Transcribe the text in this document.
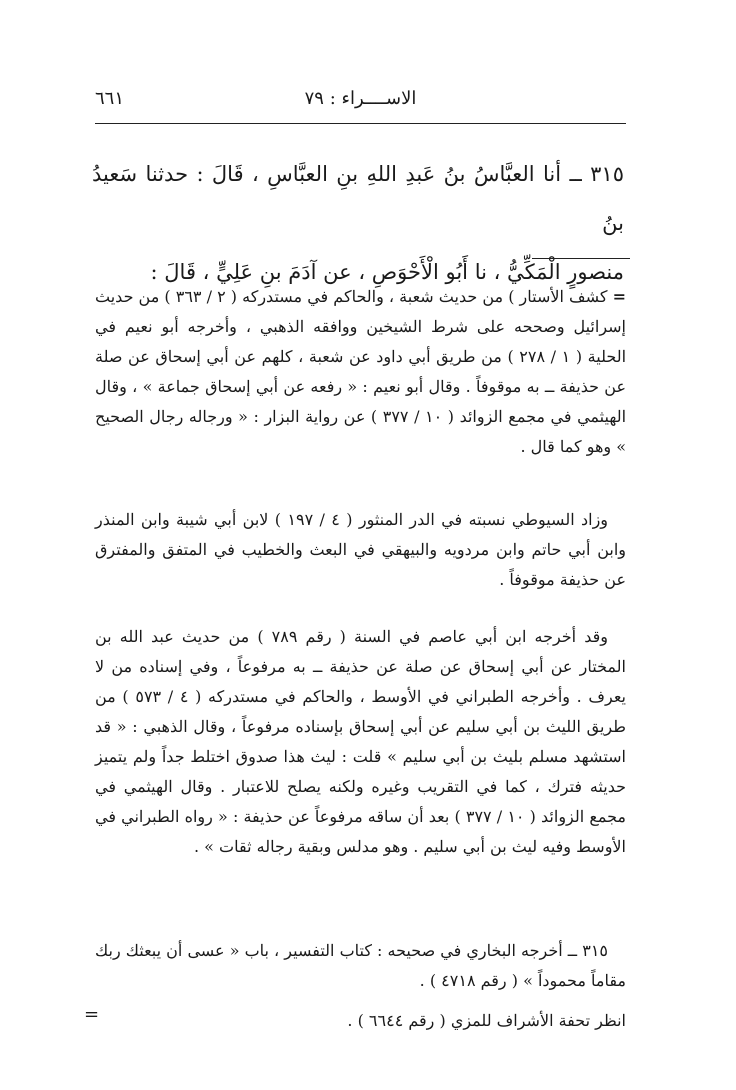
الاســــراء : ٧٩
٦٦١
٣١٥ ــ أنا العبَّاسُ بنُ عَبدِ اللهِ بنِ العبَّاسِ ، قَالَ : حدثنا سَعيدُ بنُ
منصورٍ الْمَكِّيُّ ، نا أَبُو الْأَحْوَصِ ، عن آدَمَ بنِ عَلِيٍّ ، قَالَ :

= كشف الأستار ) من حديث شعبة ، والحاكم في مستدركه ( ٢ / ٣٦٣ ) من حديث إسرائيل وصححه على شرط الشيخين ووافقه الذهبي ، وأخرجه أبو نعيم في الحلية ( ١ / ٢٧٨ ) من طريق أبي داود عن شعبة ، كلهم عن أبي إسحاق عن صلة عن حذيفة ــ به موقوفاً . وقال أبو نعيم : « رفعه عن أبي إسحاق جماعة » ، وقال الهيثمي في مجمع الزوائد ( ١٠ / ٣٧٧ ) عن رواية البزار : « ورجاله رجال الصحيح » وهو كما قال .

وزاد السيوطي نسبته في الدر المنثور ( ٤ / ١٩٧ ) لابن أبي شيبة وابن المنذر وابن أبي حاتم وابن مردويه والبيهقي في البعث والخطيب في المتفق والمفترق عن حذيفة موقوفاً .

وقد أخرجه ابن أبي عاصم في السنة ( رقم ٧٨٩ ) من حديث عبد الله بن المختار عن أبي إسحاق عن صلة عن حذيفة ــ به مرفوعاً ، وفي إسناده من لا يعرف . وأخرجه الطبراني في الأوسط ، والحاكم في مستدركه ( ٤ / ٥٧٣ ) من طريق الليث بن أبي سليم عن أبي إسحاق بإسناده مرفوعاً ، وقال الذهبي : « قد استشهد مسلم بليث بن أبي سليم » قلت : ليث هذا صدوق اختلط جداً ولم يتميز حديثه فترك ، كما في التقريب وغيره ولكنه يصلح للاعتبار . وقال الهيثمي في مجمع الزوائد ( ١٠ / ٣٧٧ ) بعد أن ساقه مرفوعاً عن حذيفة : « رواه الطبراني في الأوسط وفيه ليث بن أبي سليم . وهو مدلس وبقية رجاله ثقات » .

٣١٥ ــ أخرجه البخاري في صحيحه : كتاب التفسير ، باب « عسى أن يبعثك ربك مقاماً محموداً » ( رقم ٤٧١٨ ) .

انظر تحفة الأشراف للمزي ( رقم ٦٦٤٤ ) .

=
